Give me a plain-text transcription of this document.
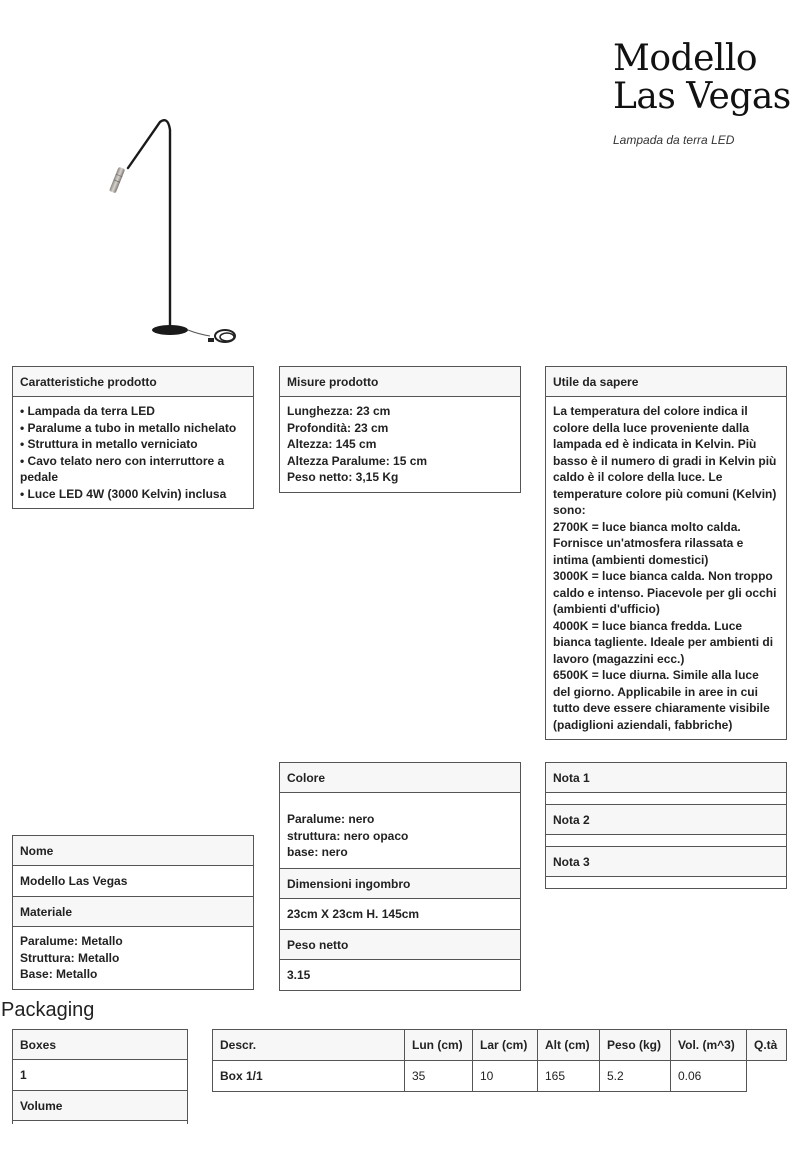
Modello
Las Vegas
Lampada da terra LED
Caratteristiche prodotto
• Lampada da terra LED
• Paralume a tubo in metallo nichelato
• Struttura in metallo verniciato
• Cavo telato nero con interruttore a pedale
• Luce LED 4W (3000 Kelvin) inclusa
Misure prodotto
Lunghezza: 23 cm
Profondità: 23 cm
Altezza: 145 cm
Altezza Paralume: 15 cm
Peso netto: 3,15 Kg
Utile da sapere
La temperatura del colore indica il colore della luce proveniente dalla lampada ed è indicata in Kelvin. Più basso è il numero di gradi in Kelvin più caldo è il colore della luce. Le temperature colore più comuni (Kelvin) sono:
2700K = luce bianca molto calda. Fornisce un'atmosfera rilassata e intima (ambienti domestici)
3000K = luce bianca calda. Non troppo caldo e intenso. Piacevole per gli occhi (ambienti d'ufficio)
4000K = luce bianca fredda. Luce bianca tagliente. Ideale per ambienti di lavoro (magazzini ecc.)
6500K = luce diurna. Simile alla luce del giorno. Applicabile in aree in cui tutto deve essere chiaramente visibile (padiglioni aziendali, fabbriche)
Nome
Modello Las Vegas
Materiale
Paralume: Metallo
Struttura: Metallo
Base: Metallo
Colore
Paralume: nero
struttura: nero opaco
base: nero
Dimensioni ingombro
23cm X 23cm H. 145cm
Peso netto
3.15
Nota 1
Nota 2
Nota 3
Packaging
Boxes
1
Volume
Descr.	Lun (cm)	Lar (cm)	Alt (cm)	Peso (kg)	Vol. (m^3)	Q.tà
Box 1/1	35	10	165	5.2	0.06	
